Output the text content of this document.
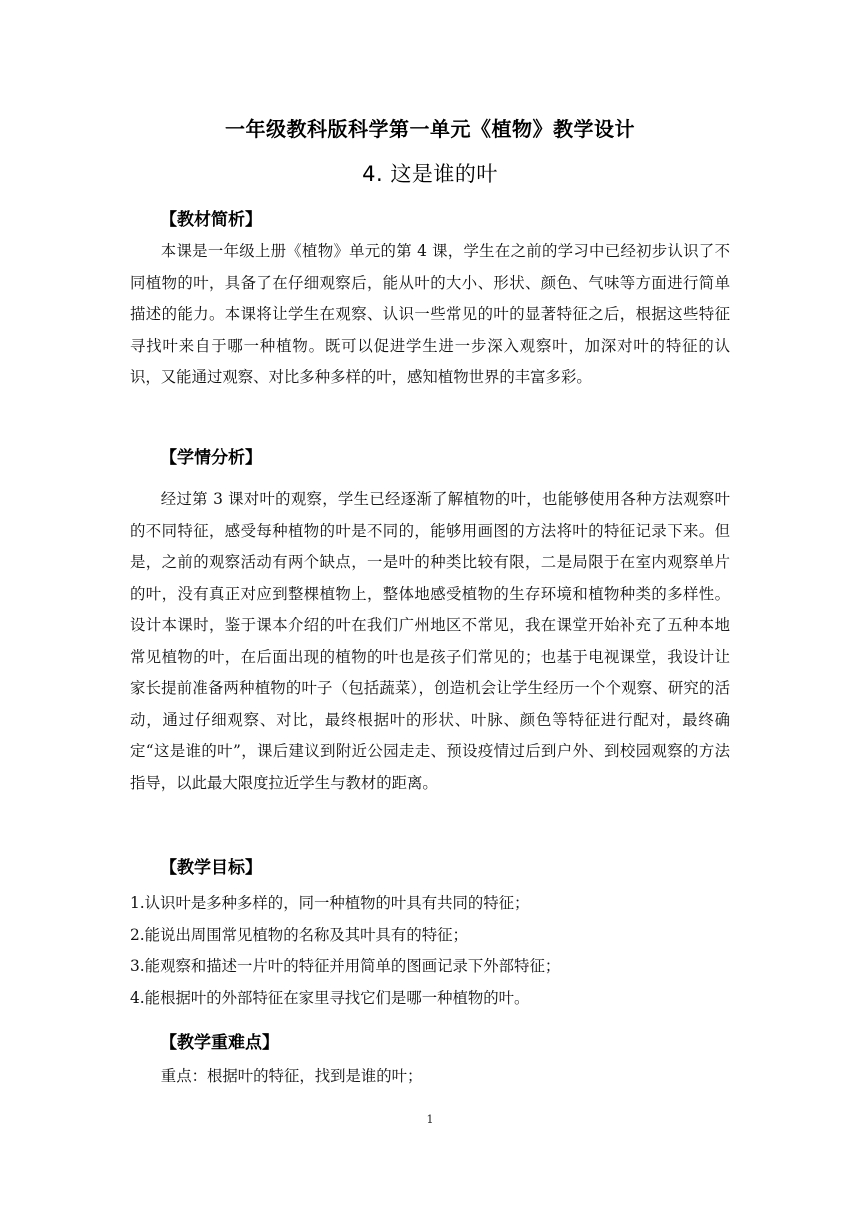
一年级教科版科学第一单元《植物》教学设计
4. 这是谁的叶
【教材简析】

本课是一年级上册《植物》单元的第 4 课，学生在之前的学习中已经初步认识了不同植物的叶，具备了在仔细观察后，能从叶的大小、形状、颜色、气味等方面进行简单描述的能力。本课将让学生在观察、认识一些常见的叶的显著特征之后，根据这些特征寻找叶来自于哪一种植物。既可以促进学生进一步深入观察叶，加深对叶的特征的认识，又能通过观察、对比多种多样的叶，感知植物世界的丰富多彩。

【学情分析】

经过第 3 课对叶的观察，学生已经逐渐了解植物的叶，也能够使用各种方法观察叶的不同特征，感受每种植物的叶是不同的，能够用画图的方法将叶的特征记录下来。但是，之前的观察活动有两个缺点，一是叶的种类比较有限，二是局限于在室内观察单片的叶，没有真正对应到整棵植物上，整体地感受植物的生存环境和植物种类的多样性。设计本课时，鉴于课本介绍的叶在我们广州地区不常见，我在课堂开始补充了五种本地常见植物的叶，在后面出现的植物的叶也是孩子们常见的；也基于电视课堂，我设计让家长提前准备两种植物的叶子（包括蔬菜），创造机会让学生经历一个个观察、研究的活动，通过仔细观察、对比，最终根据叶的形状、叶脉、颜色等特征进行配对，最终确定“这是谁的叶”，课后建议到附近公园走走、预设疫情过后到户外、到校园观察的方法指导，以此最大限度拉近学生与教材的距离。

【教学目标】
1.认识叶是多种多样的，同一种植物的叶具有共同的特征；
2.能说出周围常见植物的名称及其叶具有的特征；
3.能观察和描述一片叶的特征并用简单的图画记录下外部特征；
4.能根据叶的外部特征在家里寻找它们是哪一种植物的叶。
【教学重难点】
重点：根据叶的特征，找到是谁的叶；
1
